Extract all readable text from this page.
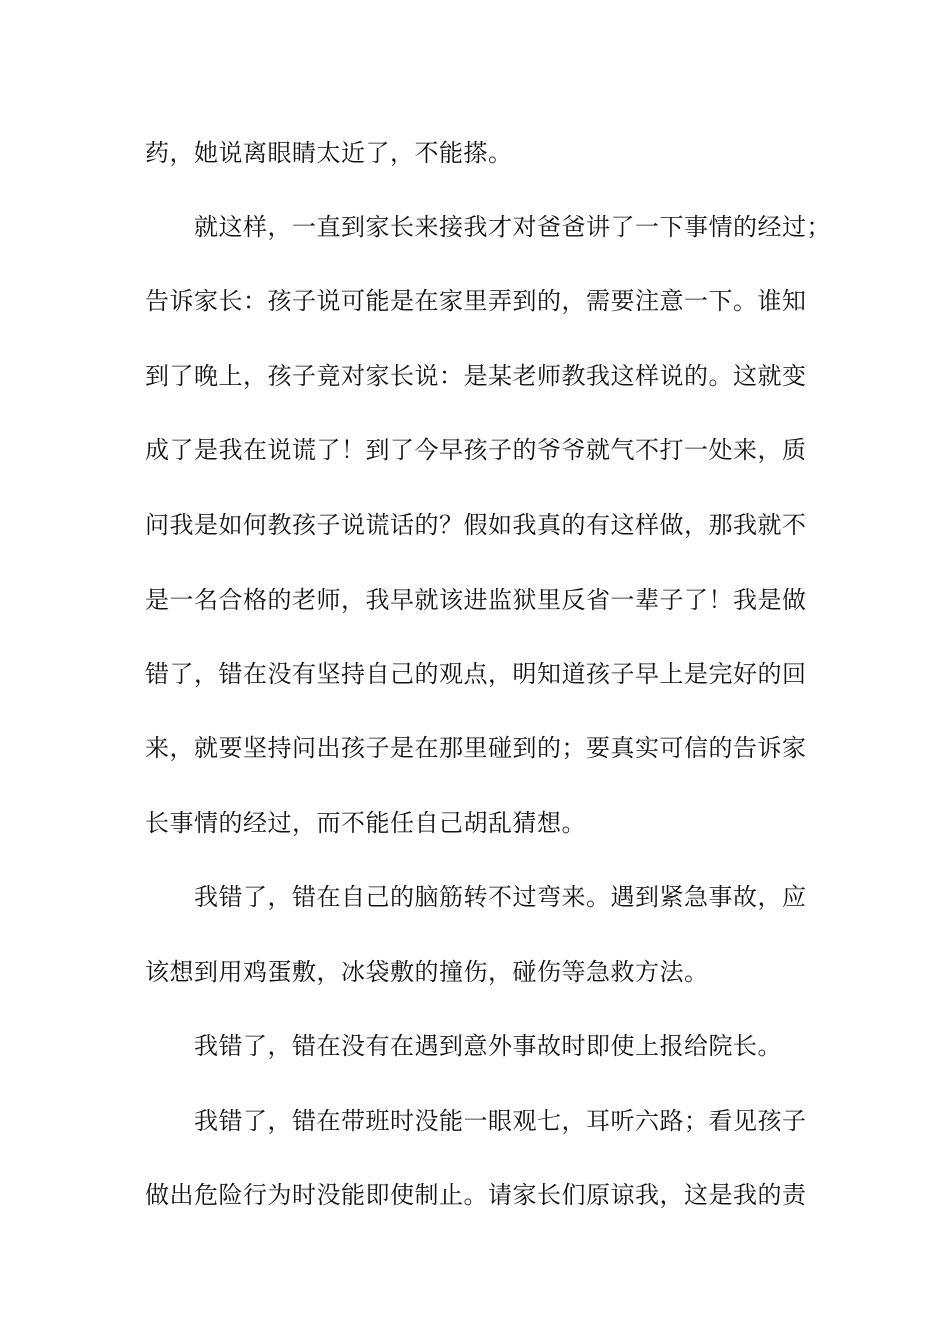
药，她说离眼睛太近了，不能搽。

　　就这样，一直到家长来接我才对爸爸讲了一下事情的经过；

告诉家长：孩子说可能是在家里弄到的，需要注意一下。谁知

到了晚上，孩子竟对家长说：是某老师教我这样说的。这就变

成了是我在说谎了！到了今早孩子的爷爷就气不打一处来，质

问我是如何教孩子说谎话的？假如我真的有这样做，那我就不

是一名合格的老师，我早就该进监狱里反省一辈子了！我是做

错了，错在没有坚持自己的观点，明知道孩子早上是完好的回

来，就要坚持问出孩子是在那里碰到的；要真实可信的告诉家

长事情的经过，而不能任自己胡乱猜想。

　　我错了，错在自己的脑筋转不过弯来。遇到紧急事故，应

该想到用鸡蛋敷，冰袋敷的撞伤，碰伤等急救方法。

　　我错了，错在没有在遇到意外事故时即使上报给院长。

　　我错了，错在带班时没能一眼观七，耳听六路；看见孩子

做出危险行为时没能即使制止。请家长们原谅我，这是我的责
